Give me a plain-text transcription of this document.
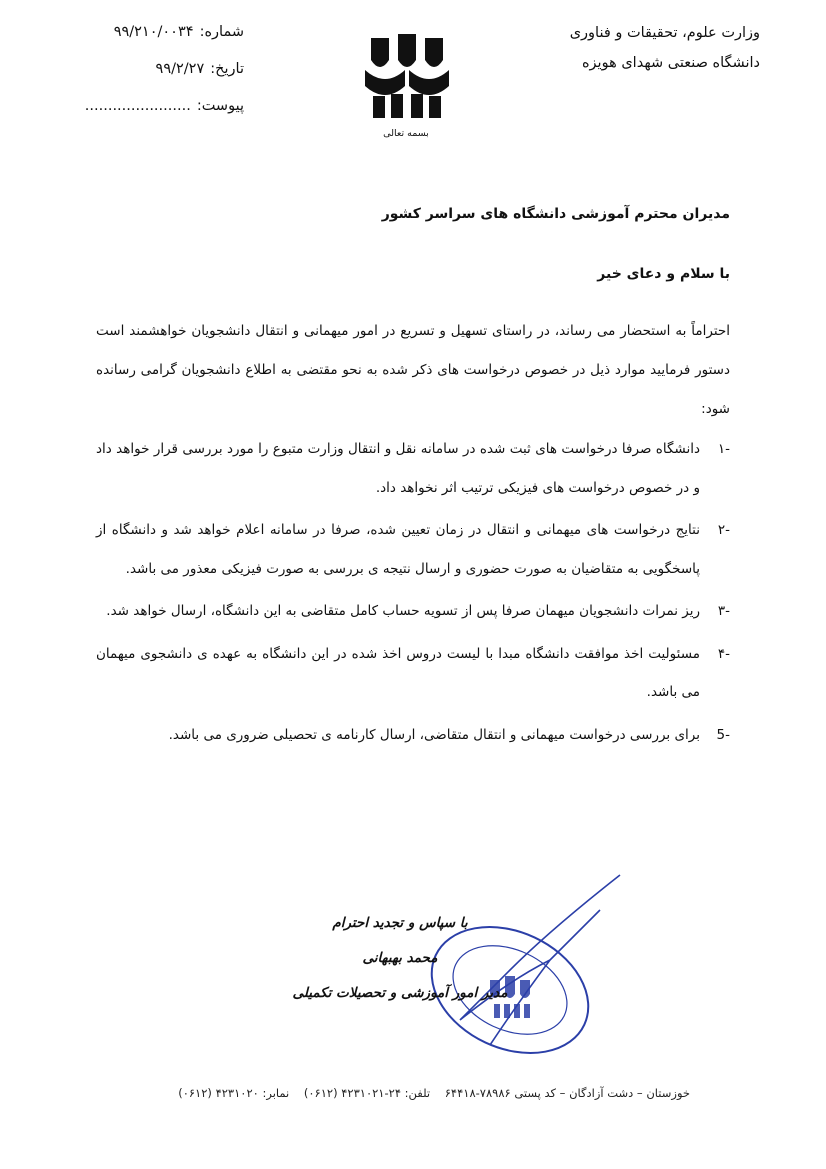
وزارت علوم، تحقیقات و فناوری
دانشگاه صنعتی شهدای هویزه
شماره:
۹۹/۲۱۰/۰۰۳۴
تاریخ:
۹۹/۲/۲۷
پیوست:
.......................
بسمه تعالی
مدیران محترم آموزشی دانشگاه های سراسر کشور
با سلام و دعای خیر
احتراماً به استحضار می رساند، در راستای تسهیل و تسریع در امور میهمانی و انتقال دانشجویان خواهشمند است دستور فرمایید موارد ذیل در خصوص درخواست های ذکر شده به نحو مقتضی به اطلاع دانشجویان گرامی رسانده شود:
-۱
دانشگاه صرفا درخواست های ثبت شده در سامانه نقل و انتقال وزارت متبوع را مورد بررسی قرار خواهد داد و در خصوص درخواست های فیزیکی ترتیب اثر نخواهد داد.
-۲
نتایج درخواست های میهمانی و انتقال در زمان تعیین شده، صرفا در سامانه اعلام خواهد شد و دانشگاه از پاسخگویی به متقاضیان به صورت حضوری و ارسال نتیجه ی بررسی به صورت فیزیکی معذور می باشد.
-۳
ریز نمرات دانشجویان میهمان صرفا پس از تسویه حساب کامل متقاضی به این دانشگاه، ارسال خواهد شد.
-۴
مسئولیت اخذ موافقت دانشگاه مبدا با لیست دروس اخذ شده در این دانشگاه به عهده ی دانشجوی میهمان می باشد.
-5
برای بررسی درخواست میهمانی و انتقال متقاضی، ارسال کارنامه ی تحصیلی ضروری می باشد.
با سپاس و تجدید احترام
محمد بهبهانی
مدیر امور آموزشی و تحصیلات تکمیلی
خوزستان – دشت آزادگان – کد پستی ۷۸۹۸۶-۶۴۴۱۸    تلفن: ۲۴-۴۲۳۱۰۲۱ (۰۶۱۲)    نمابر: ۴۲۳۱۰۲۰ (۰۶۱۲)
